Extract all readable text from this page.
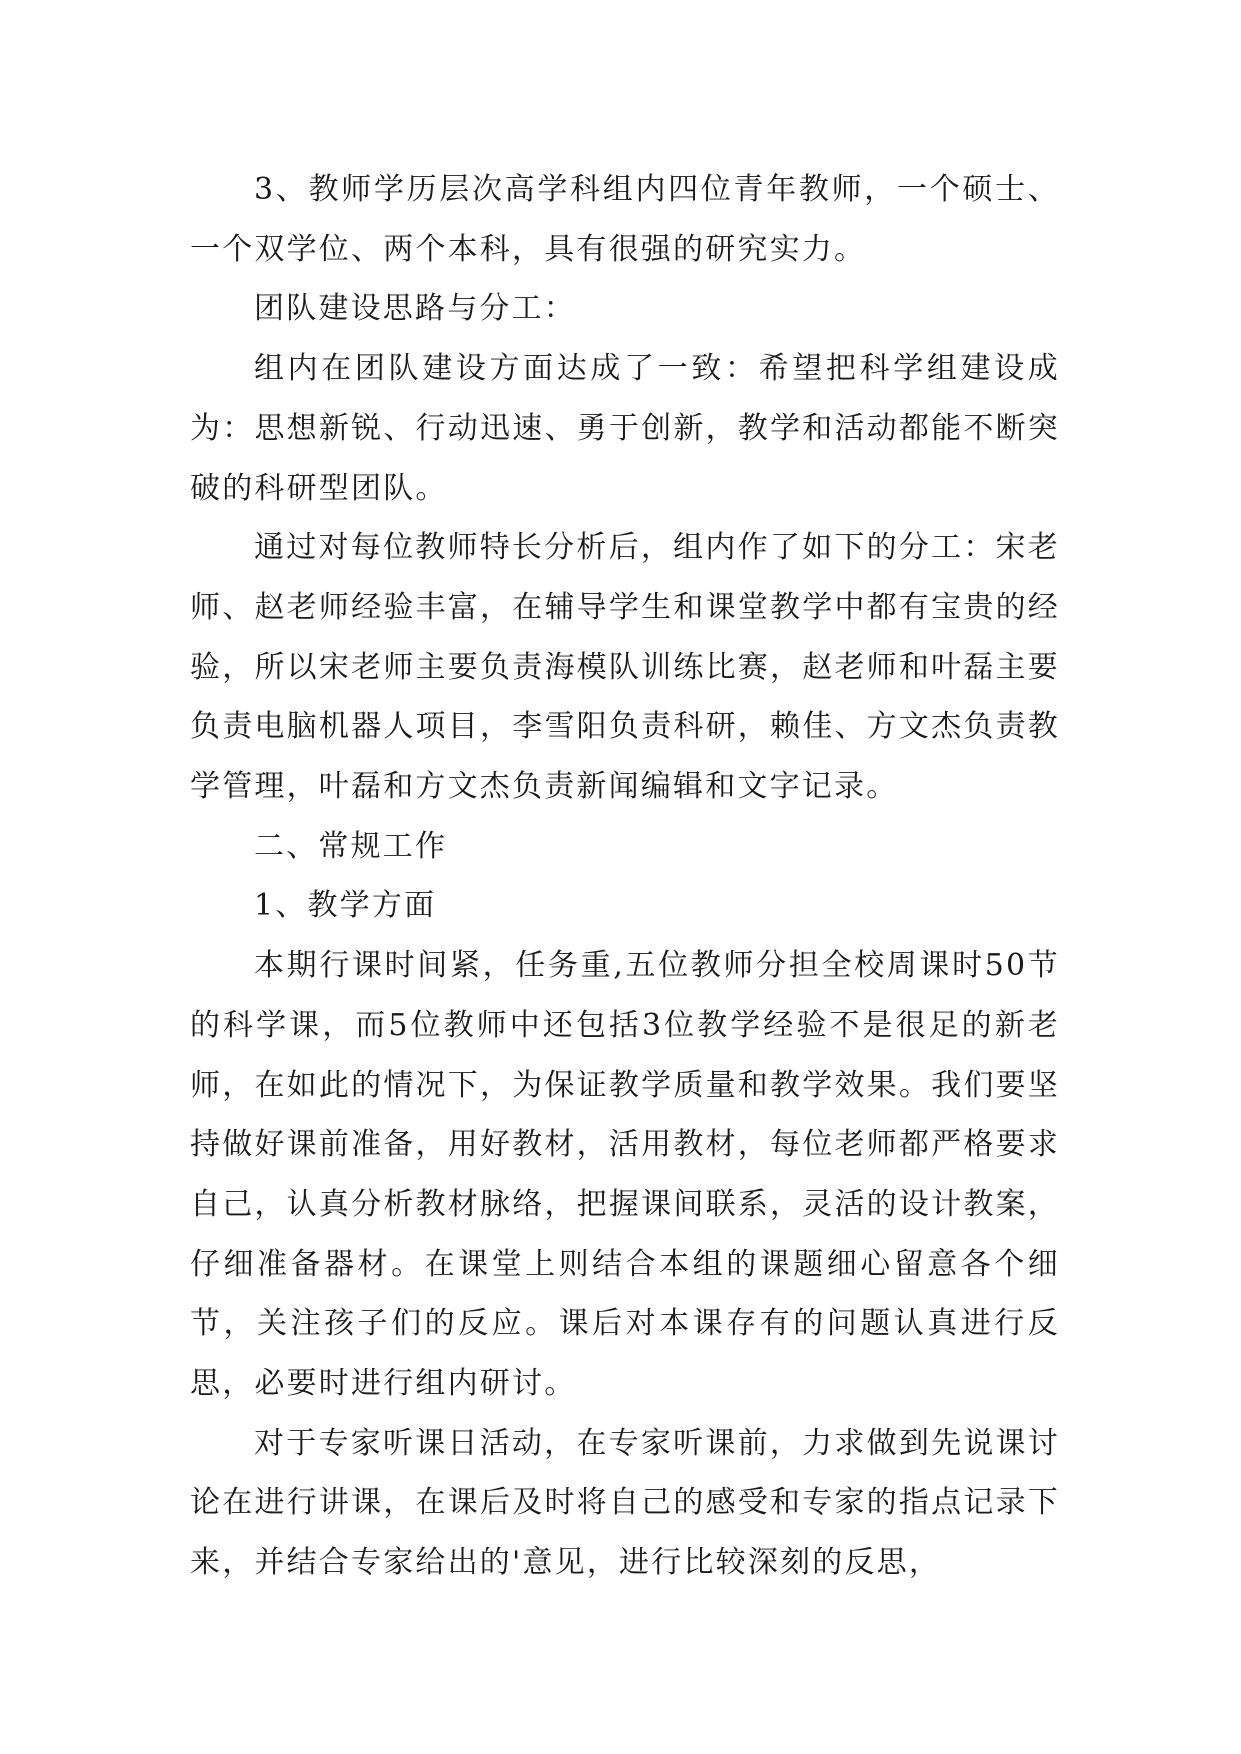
3、教师学历层次高学科组内四位青年教师，一个硕士、一个双学位、两个本科，具有很强的研究实力。

团队建设思路与分工：

组内在团队建设方面达成了一致：希望把科学组建设成为：思想新锐、行动迅速、勇于创新，教学和活动都能不断突破的科研型团队。

通过对每位教师特长分析后，组内作了如下的分工：宋老师、赵老师经验丰富，在辅导学生和课堂教学中都有宝贵的经验，所以宋老师主要负责海模队训练比赛，赵老师和叶磊主要负责电脑机器人项目，李雪阳负责科研，赖佳、方文杰负责教学管理，叶磊和方文杰负责新闻编辑和文字记录。

二、常规工作

1、教学方面

本期行课时间紧，任务重,五位教师分担全校周课时50节的科学课，而5位教师中还包括3位教学经验不是很足的新老师，在如此的情况下，为保证教学质量和教学效果。我们要坚持做好课前准备，用好教材，活用教材，每位老师都严格要求自己，认真分析教材脉络，把握课间联系，灵活的设计教案，仔细准备器材。在课堂上则结合本组的课题细心留意各个细节，关注孩子们的反应。课后对本课存有的问题认真进行反思，必要时进行组内研讨。

对于专家听课日活动，在专家听课前，力求做到先说课讨论在进行讲课，在课后及时将自己的感受和专家的指点记录下来，并结合专家给出的'意见，进行比较深刻的反思，
